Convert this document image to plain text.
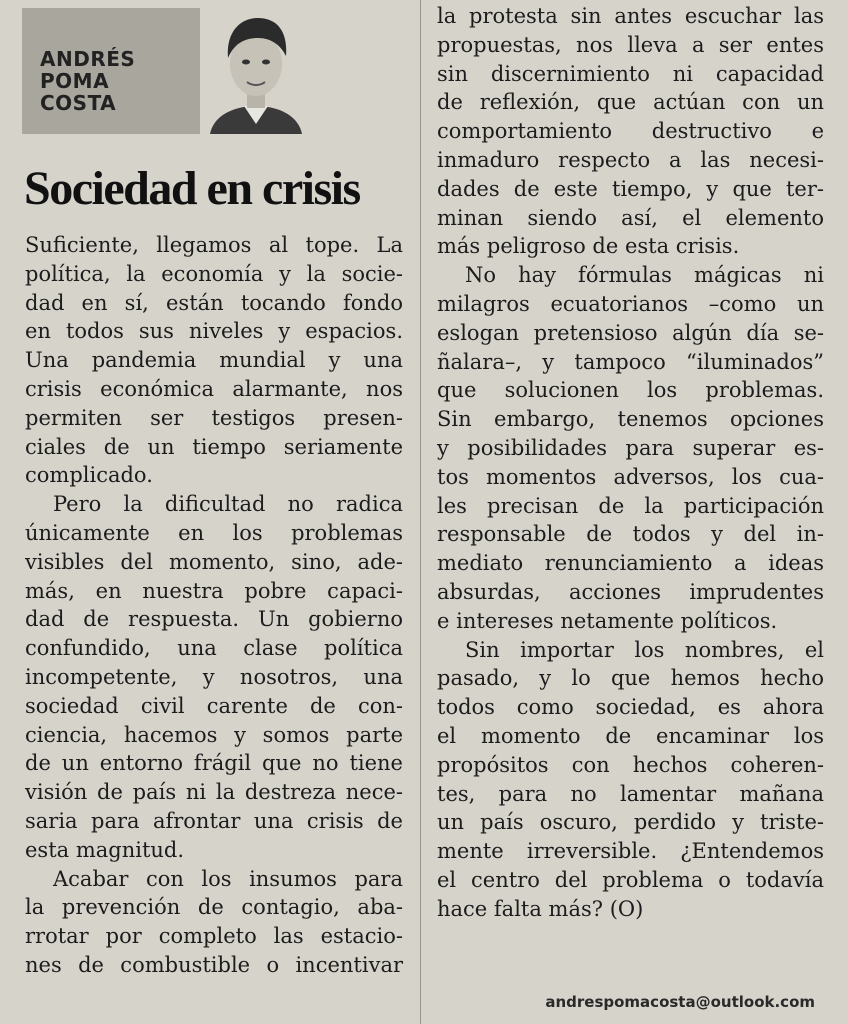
ANDRÉS
POMA
COSTA
Sociedad en crisis
Suficiente, llegamos al tope. La
política, la economía y la socie-
dad en sí, están tocando fondo
en todos sus niveles y espacios.
Una pandemia mundial y una
crisis económica alarmante, nos
permiten ser testigos presen-
ciales de un tiempo seriamente
complicado.
Pero la dificultad no radica
únicamente en los problemas
visibles del momento, sino, ade-
más, en nuestra pobre capaci-
dad de respuesta. Un gobierno
confundido, una clase política
incompetente, y nosotros, una
sociedad civil carente de con-
ciencia, hacemos y somos parte
de un entorno frágil que no tiene
visión de país ni la destreza nece-
saria para afrontar una crisis de
esta magnitud.
Acabar con los insumos para
la prevención de contagio, aba-
rrotar por completo las estacio-
nes de combustible o incentivar
la protesta sin antes escuchar las
propuestas, nos lleva a ser entes
sin discernimiento ni capacidad
de reflexión, que actúan con un
comportamiento destructivo e
inmaduro respecto a las necesi-
dades de este tiempo, y que ter-
minan siendo así, el elemento
más peligroso de esta crisis.
No hay fórmulas mágicas ni
milagros ecuatorianos –como un
eslogan pretensioso algún día se-
ñalara–, y tampoco “iluminados”
que solucionen los problemas.
Sin embargo, tenemos opciones
y posibilidades para superar es-
tos momentos adversos, los cua-
les precisan de la participación
responsable de todos y del in-
mediato renunciamiento a ideas
absurdas, acciones imprudentes
e intereses netamente políticos.
Sin importar los nombres, el
pasado, y lo que hemos hecho
todos como sociedad, es ahora
el momento de encaminar los
propósitos con hechos coheren-
tes, para no lamentar mañana
un país oscuro, perdido y triste-
mente irreversible. ¿Entendemos
el centro del problema o todavía
hace falta más? (O)
andrespomacosta@outlook.com
